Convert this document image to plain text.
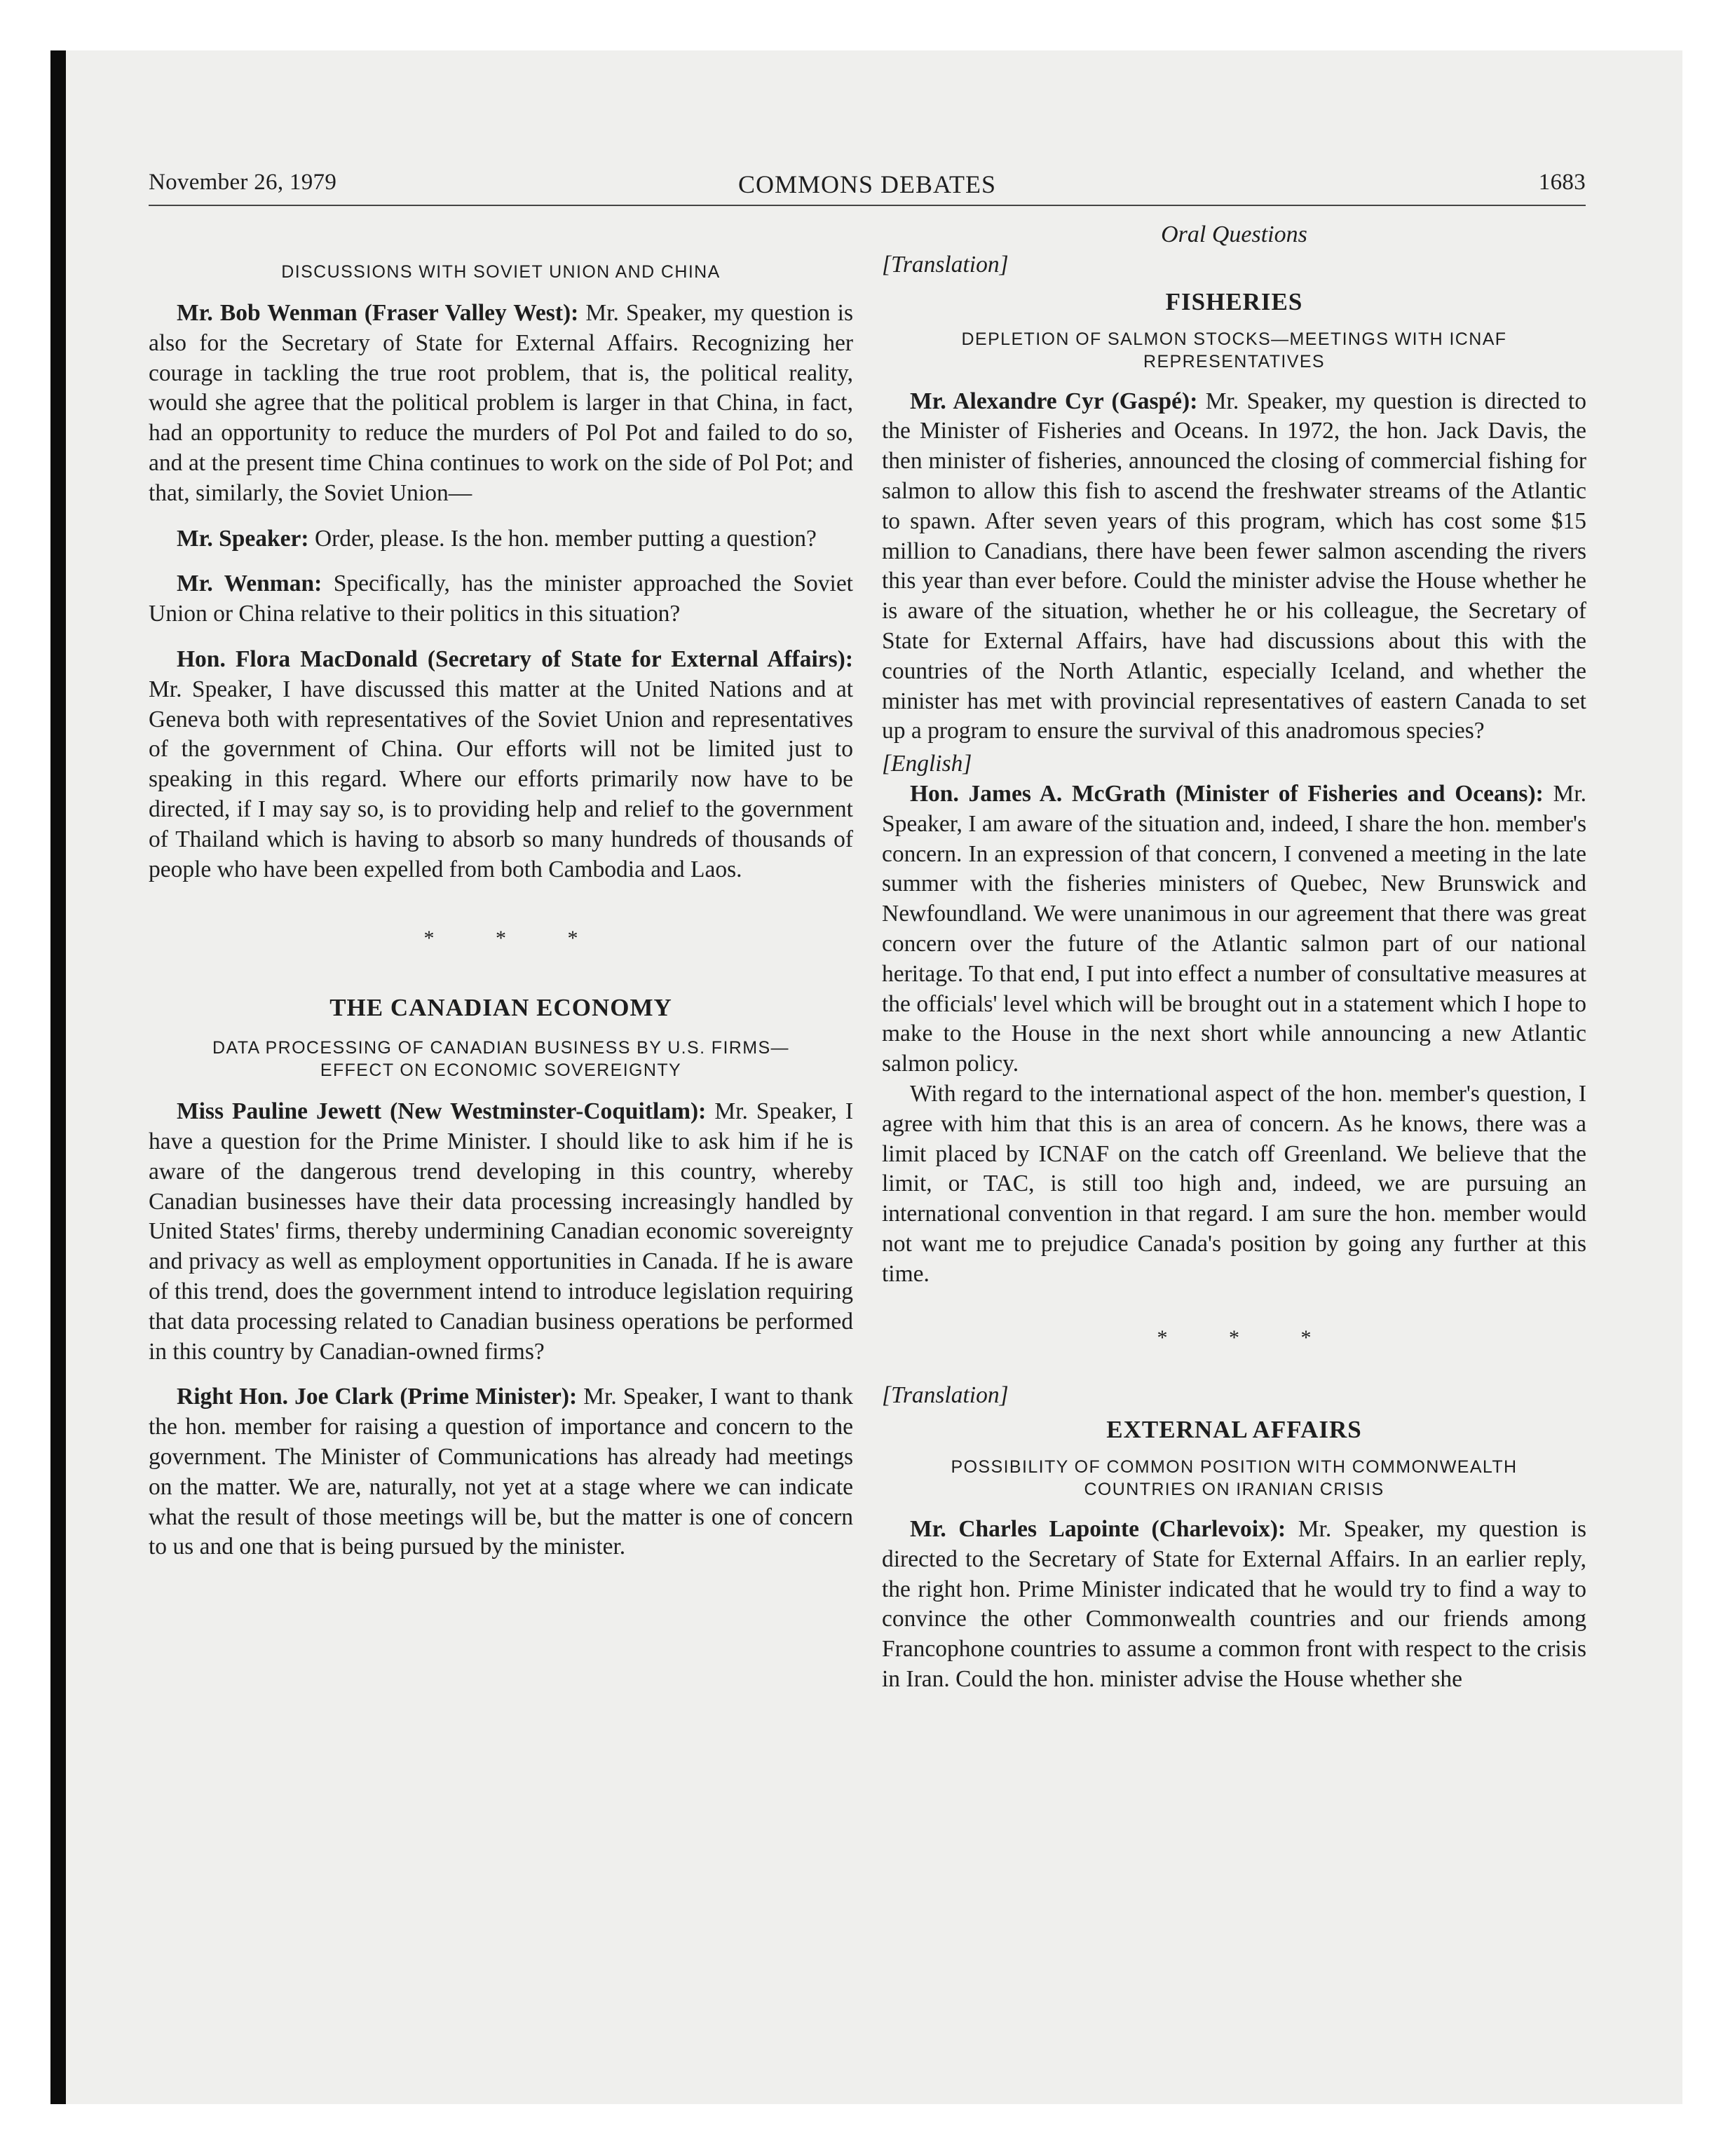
November 26, 1979	COMMONS DEBATES	1683
DISCUSSIONS WITH SOVIET UNION AND CHINA

Mr. Bob Wenman (Fraser Valley West): Mr. Speaker, my question is also for the Secretary of State for External Affairs. Recognizing her courage in tackling the true root problem, that is, the political reality, would she agree that the political problem is larger in that China, in fact, had an opportunity to reduce the murders of Pol Pot and failed to do so, and at the present time China continues to work on the side of Pol Pot; and that, similarly, the Soviet Union—

Mr. Speaker: Order, please. Is the hon. member putting a question?

Mr. Wenman: Specifically, has the minister approached the Soviet Union or China relative to their politics in this situation?

Hon. Flora MacDonald (Secretary of State for External Affairs): Mr. Speaker, I have discussed this matter at the United Nations and at Geneva both with representatives of the Soviet Union and representatives of the government of China. Our efforts will not be limited just to speaking in this regard. Where our efforts primarily now have to be directed, if I may say so, is to providing help and relief to the government of Thailand which is having to absorb so many hundreds of thousands of people who have been expelled from both Cambodia and Laos.

* * *
THE CANADIAN ECONOMY
DATA PROCESSING OF CANADIAN BUSINESS BY U.S. FIRMS— EFFECT ON ECONOMIC SOVEREIGNTY

Miss Pauline Jewett (New Westminster-Coquitlam): Mr. Speaker, I have a question for the Prime Minister. I should like to ask him if he is aware of the dangerous trend developing in this country, whereby Canadian businesses have their data processing increasingly handled by United States' firms, thereby undermining Canadian economic sovereignty and privacy as well as employment opportunities in Canada. If he is aware of this trend, does the government intend to introduce legislation requiring that data processing related to Canadian business operations be performed in this country by Canadian-owned firms?

Right Hon. Joe Clark (Prime Minister): Mr. Speaker, I want to thank the hon. member for raising a question of importance and concern to the government. The Minister of Communications has already had meetings on the matter. We are, naturally, not yet at a stage where we can indicate what the result of those meetings will be, but the matter is one of concern to us and one that is being pursued by the minister.

Oral Questions
[Translation]
FISHERIES
DEPLETION OF SALMON STOCKS—MEETINGS WITH ICNAF REPRESENTATIVES

Mr. Alexandre Cyr (Gaspé): Mr. Speaker, my question is directed to the Minister of Fisheries and Oceans. In 1972, the hon. Jack Davis, the then minister of fisheries, announced the closing of commercial fishing for salmon to allow this fish to ascend the freshwater streams of the Atlantic to spawn. After seven years of this program, which has cost some $15 million to Canadians, there have been fewer salmon ascending the rivers this year than ever before. Could the minister advise the House whether he is aware of the situation, whether he or his colleague, the Secretary of State for External Affairs, have had discussions about this with the countries of the North Atlantic, especially Iceland, and whether the minister has met with provincial representatives of eastern Canada to set up a program to ensure the survival of this anadromous species?

[English]

Hon. James A. McGrath (Minister of Fisheries and Oceans): Mr. Speaker, I am aware of the situation and, indeed, I share the hon. member's concern. In an expression of that concern, I convened a meeting in the late summer with the fisheries ministers of Quebec, New Brunswick and Newfoundland. We were unanimous in our agreement that there was great concern over the future of the Atlantic salmon part of our national heritage. To that end, I put into effect a number of consultative measures at the officials' level which will be brought out in a statement which I hope to make to the House in the next short while announcing a new Atlantic salmon policy.

With regard to the international aspect of the hon. member's question, I agree with him that this is an area of concern. As he knows, there was a limit placed by ICNAF on the catch off Greenland. We believe that the limit, or TAC, is still too high and, indeed, we are pursuing an international convention in that regard. I am sure the hon. member would not want me to prejudice Canada's position by going any further at this time.

* * *
[Translation]
EXTERNAL AFFAIRS
POSSIBILITY OF COMMON POSITION WITH COMMONWEALTH COUNTRIES ON IRANIAN CRISIS

Mr. Charles Lapointe (Charlevoix): Mr. Speaker, my question is directed to the Secretary of State for External Affairs. In an earlier reply, the right hon. Prime Minister indicated that he would try to find a way to convince the other Commonwealth countries and our friends among Francophone countries to assume a common front with respect to the crisis in Iran. Could the hon. minister advise the House whether she
